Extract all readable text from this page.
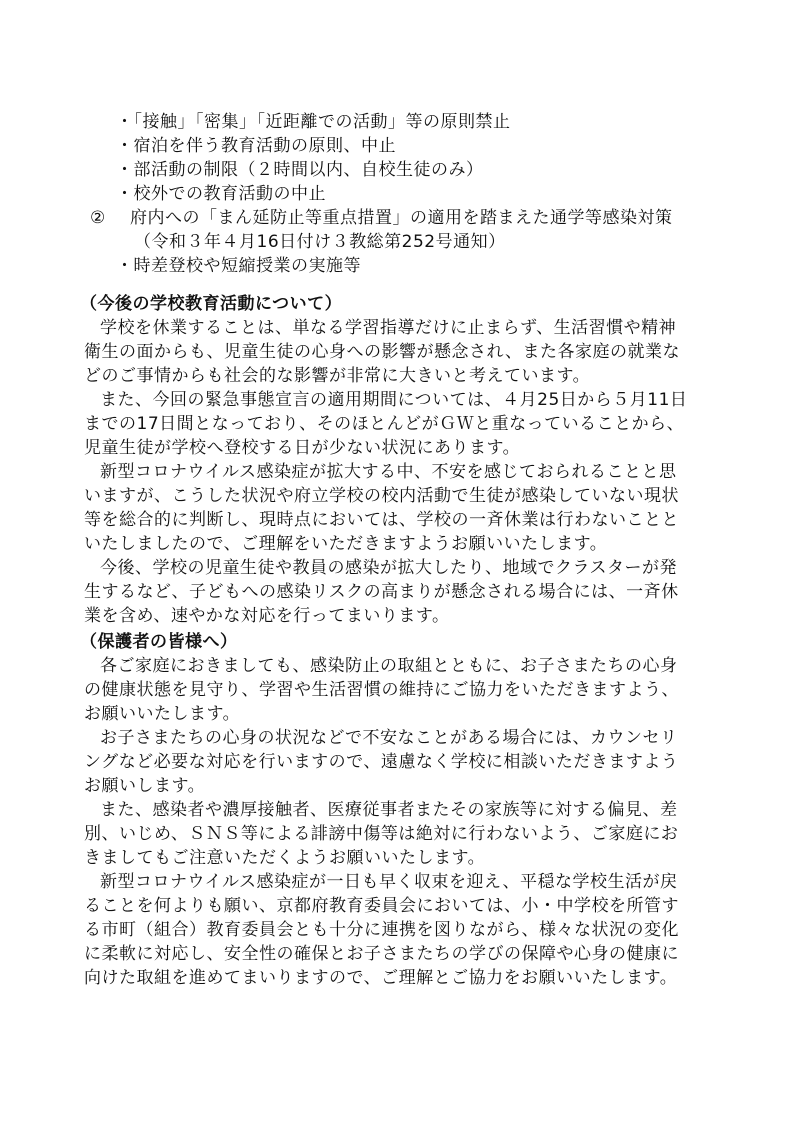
・「接触」「密集」「近距離での活動」等の原則禁止
・宿泊を伴う教育活動の原則、中止
・部活動の制限（２時間以内、自校生徒のみ）
・校外での教育活動の中止
② 府内への「まん延防止等重点措置」の適用を踏まえた通学等感染対策
（令和３年４月16日付け３教総第252号通知）
・時差登校や短縮授業の実施等
（今後の学校教育活動について）
学校を休業することは、単なる学習指導だけに止まらず、生活習慣や精神
衛生の面からも、児童生徒の心身への影響が懸念され、また各家庭の就業な
どのご事情からも社会的な影響が非常に大きいと考えています。
また、今回の緊急事態宣言の適用期間については、４月25日から５月11日
までの17日間となっており、そのほとんどがＧＷと重なっていることから、
児童生徒が学校へ登校する日が少ない状況にあります。
新型コロナウイルス感染症が拡大する中、不安を感じておられることと思
いますが、こうした状況や府立学校の校内活動で生徒が感染していない現状
等を総合的に判断し、現時点においては、学校の一斉休業は行わないことと
いたしましたので、ご理解をいただきますようお願いいたします。
今後、学校の児童生徒や教員の感染が拡大したり、地域でクラスターが発
生するなど、子どもへの感染リスクの高まりが懸念される場合には、一斉休
業を含め、速やかな対応を行ってまいります。
（保護者の皆様へ）
各ご家庭におきましても、感染防止の取組とともに、お子さまたちの心身
の健康状態を見守り、学習や生活習慣の維持にご協力をいただきますよう、
お願いいたします。
お子さまたちの心身の状況などで不安なことがある場合には、カウンセリ
ングなど必要な対応を行いますので、遠慮なく学校に相談いただきますよう
お願いします。
また、感染者や濃厚接触者、医療従事者またその家族等に対する偏見、差
別、いじめ、ＳＮＳ等による誹謗中傷等は絶対に行わないよう、ご家庭にお
きましてもご注意いただくようお願いいたします。
新型コロナウイルス感染症が一日も早く収束を迎え、平穏な学校生活が戻
ることを何よりも願い、京都府教育委員会においては、小・中学校を所管す
る市町（組合）教育委員会とも十分に連携を図りながら、様々な状況の変化
に柔軟に対応し、安全性の確保とお子さまたちの学びの保障や心身の健康に
向けた取組を進めてまいりますので、ご理解とご協力をお願いいたします。
